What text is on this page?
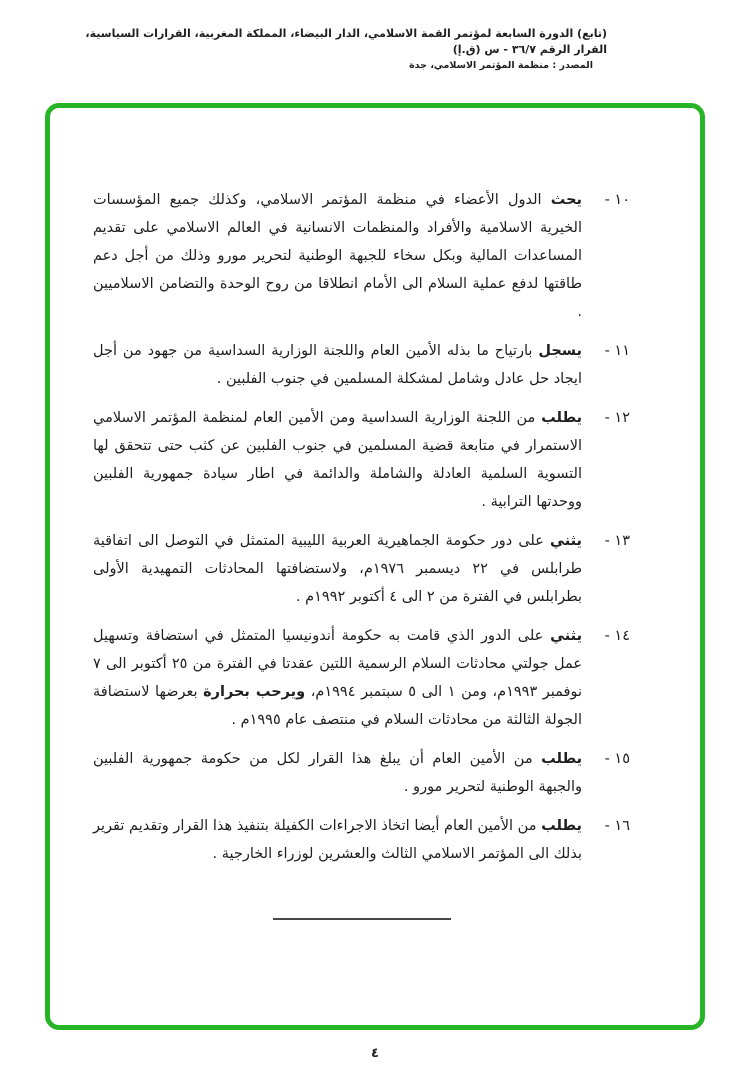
(تابع) الدورة السابعة لمؤتمر القمة الاسلامي، الدار البيضاء، المملكة المغربية، القرارات السياسية، القرار الرقم ٣٦/٧ - س (ق.إ)
المصدر : منظمة المؤتمر الاسلامي، جدة
١٠ -
يحث الدول الأعضاء في منظمة المؤتمر الاسلامي، وكذلك جميع المؤسسات الخيرية الاسلامية والأفراد والمنظمات الانسانية في العالم الاسلامي على تقديم المساعدات المالية وبكل سخاء للجبهة الوطنية لتحرير مورو وذلك من أجل دعم طاقتها لدفع عملية السلام الى الأمام انطلاقا من روح الوحدة والتضامن الاسلاميين .
١١ -
يسجل بارتياح ما بذله الأمين العام واللجنة الوزارية السداسية من جهود من أجل ايجاد حل عادل وشامل لمشكلة المسلمين في جنوب الفلبين .
١٢ -
يطلب من اللجنة الوزارية السداسية ومن الأمين العام لمنظمة المؤتمر الاسلامي الاستمرار في متابعة قضية المسلمين في جنوب الفلبين عن كثب حتى تتحقق لها التسوية السلمية العادلة والشاملة والدائمة في اطار سيادة جمهورية الفلبين ووحدتها الترابية .
١٣ -
يثني على دور حكومة الجماهيرية العربية الليبية المتمثل في التوصل الى اتفاقية طرابلس في ٢٢ ديسمبر ١٩٧٦م، ولاستضافتها المحادثات التمهيدية الأولى بطرابلس في الفترة من ٢ الى ٤ أكتوبر ١٩٩٢م .
١٤ -
يثني على الدور الذي قامت به حكومة أندونيسيا المتمثل في استضافة وتسهيل عمل جولتي محادثات السلام الرسمية اللتين عقدتا في الفترة من ٢٥ أكتوبر الى ٧ نوفمبر ١٩٩٣م، ومن ١ الى ٥ سبتمبر ١٩٩٤م، ويرحب بحرارة بعرضها لاستضافة الجولة الثالثة من محادثات السلام في منتصف عام ١٩٩٥م .
١٥ -
يطلب من الأمين العام أن يبلغ هذا القرار لكل من حكومة جمهورية الفلبين والجبهة الوطنية لتحرير مورو .
١٦ -
يطلب من الأمين العام أيضا اتخاذ الاجراءات الكفيلة بتنفيذ هذا القرار وتقديم تقرير بذلك الى المؤتمر الاسلامي الثالث والعشرين لوزراء الخارجية .
٤
